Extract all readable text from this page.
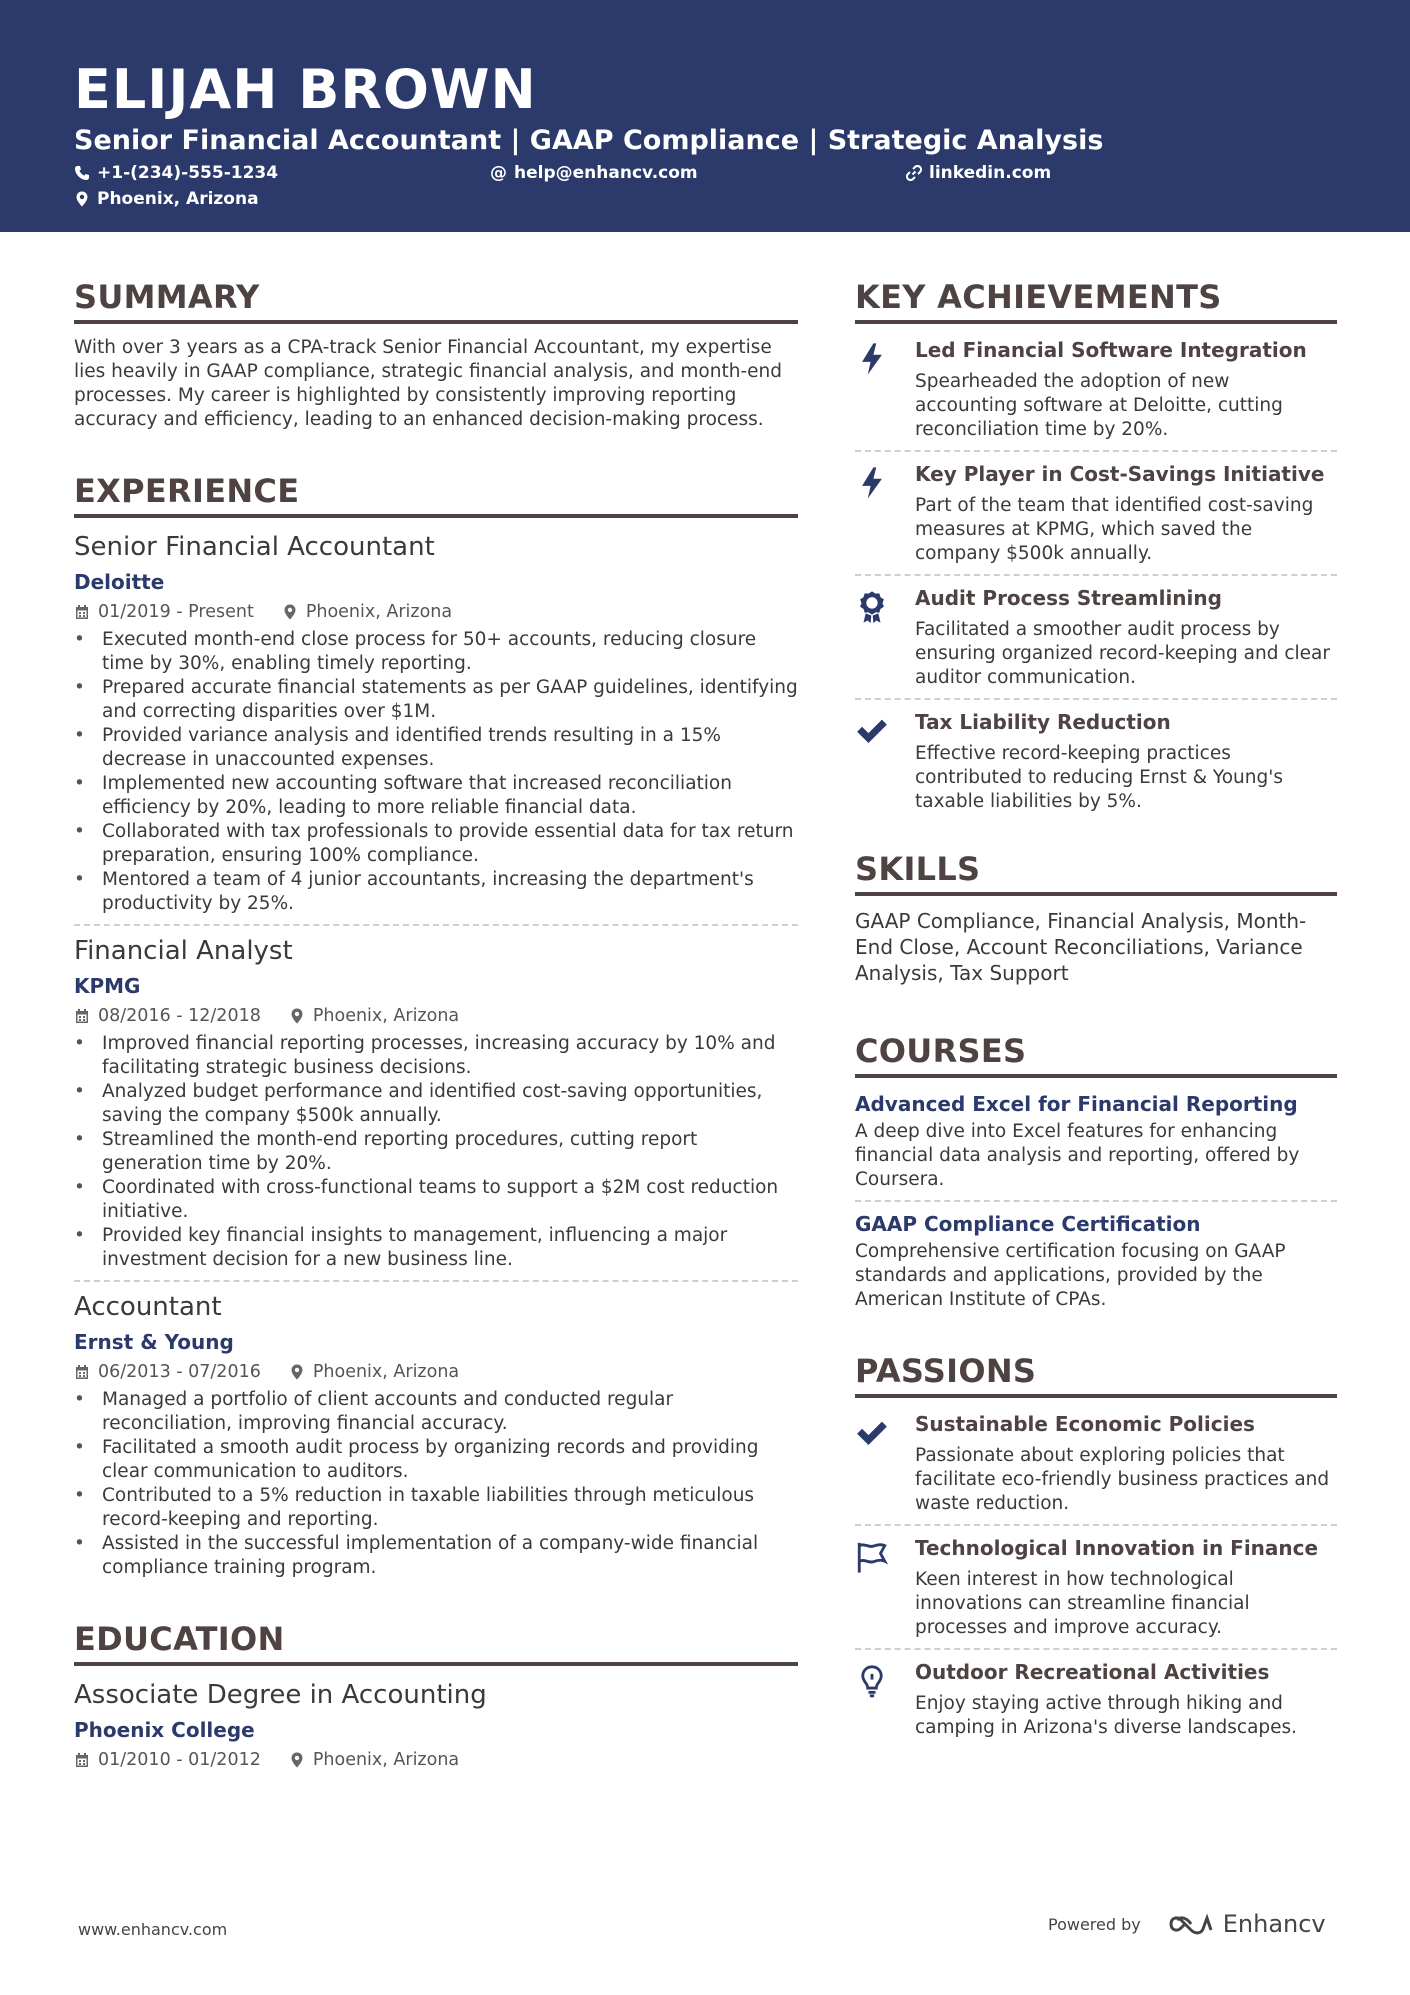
ELIJAH BROWN
Senior Financial Accountant | GAAP Compliance | Strategic Analysis
+1-(234)-555-1234	@ help@enhancv.com	linkedin.com
Phoenix, Arizona
SUMMARY
With over 3 years as a CPA-track Senior Financial Accountant, my expertise lies heavily in GAAP compliance, strategic financial analysis, and month-end processes. My career is highlighted by consistently improving reporting accuracy and efficiency, leading to an enhanced decision-making process.
EXPERIENCE
Senior Financial Accountant
Deloitte
01/2019 - Present	Phoenix, Arizona
• Executed month-end close process for 50+ accounts, reducing closure time by 30%, enabling timely reporting.
• Prepared accurate financial statements as per GAAP guidelines, identifying and correcting disparities over $1M.
• Provided variance analysis and identified trends resulting in a 15% decrease in unaccounted expenses.
• Implemented new accounting software that increased reconciliation efficiency by 20%, leading to more reliable financial data.
• Collaborated with tax professionals to provide essential data for tax return preparation, ensuring 100% compliance.
• Mentored a team of 4 junior accountants, increasing the department's productivity by 25%.
Financial Analyst
KPMG
08/2016 - 12/2018	Phoenix, Arizona
• Improved financial reporting processes, increasing accuracy by 10% and facilitating strategic business decisions.
• Analyzed budget performance and identified cost-saving opportunities, saving the company $500k annually.
• Streamlined the month-end reporting procedures, cutting report generation time by 20%.
• Coordinated with cross-functional teams to support a $2M cost reduction initiative.
• Provided key financial insights to management, influencing a major investment decision for a new business line.
Accountant
Ernst & Young
06/2013 - 07/2016	Phoenix, Arizona
• Managed a portfolio of client accounts and conducted regular reconciliation, improving financial accuracy.
• Facilitated a smooth audit process by organizing records and providing clear communication to auditors.
• Contributed to a 5% reduction in taxable liabilities through meticulous record-keeping and reporting.
• Assisted in the successful implementation of a company-wide financial compliance training program.
EDUCATION
Associate Degree in Accounting
Phoenix College
01/2010 - 01/2012	Phoenix, Arizona
KEY ACHIEVEMENTS
Led Financial Software Integration
Spearheaded the adoption of new accounting software at Deloitte, cutting reconciliation time by 20%.
Key Player in Cost-Savings Initiative
Part of the team that identified cost-saving measures at KPMG, which saved the company $500k annually.
Audit Process Streamlining
Facilitated a smoother audit process by ensuring organized record-keeping and clear auditor communication.
Tax Liability Reduction
Effective record-keeping practices contributed to reducing Ernst & Young's taxable liabilities by 5%.
SKILLS
GAAP Compliance, Financial Analysis, Month-End Close, Account Reconciliations, Variance Analysis, Tax Support
COURSES
Advanced Excel for Financial Reporting
A deep dive into Excel features for enhancing financial data analysis and reporting, offered by Coursera.
GAAP Compliance Certification
Comprehensive certification focusing on GAAP standards and applications, provided by the American Institute of CPAs.
PASSIONS
Sustainable Economic Policies
Passionate about exploring policies that facilitate eco-friendly business practices and waste reduction.
Technological Innovation in Finance
Keen interest in how technological innovations can streamline financial processes and improve accuracy.
Outdoor Recreational Activities
Enjoy staying active through hiking and camping in Arizona's diverse landscapes.
www.enhancv.com	Powered by	Enhancv
